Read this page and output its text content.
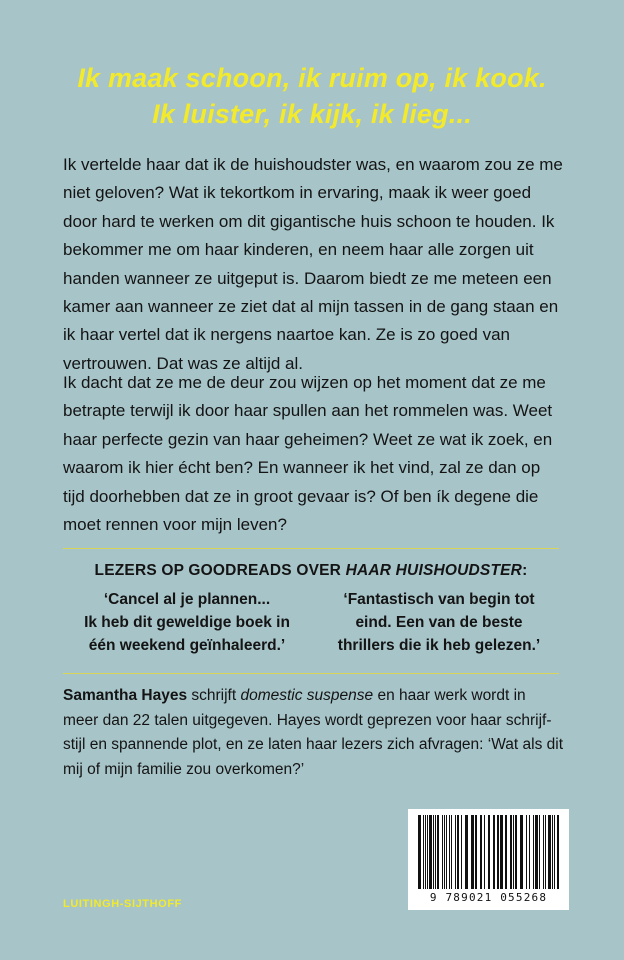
Ik maak schoon, ik ruim op, ik kook.
Ik luister, ik kijk, ik lieg...

Ik vertelde haar dat ik de huishoudster was, en waarom zou ze me niet geloven? Wat ik tekortkom in ervaring, maak ik weer goed door hard te werken om dit gigantische huis schoon te houden. Ik bekommer me om haar kinderen, en neem haar alle zorgen uit handen wanneer ze uitgeput is. Daarom biedt ze me meteen een kamer aan wanneer ze ziet dat al mijn tassen in de gang staan en ik haar vertel dat ik nergens naartoe kan. Ze is zo goed van vertrouwen. Dat was ze altijd al.

Ik dacht dat ze me de deur zou wijzen op het moment dat ze me betrapte terwijl ik door haar spullen aan het rommelen was. Weet haar perfecte gezin van haar geheimen? Weet ze wat ik zoek, en waarom ik hier écht ben? En wanneer ik het vind, zal ze dan op tijd doorhebben dat ze in groot gevaar is? Of ben ík degene die moet rennen voor mijn leven?

LEZERS OP GOODREADS OVER HAAR HUISHOUDSTER:
‘Cancel al je plannen...
Ik heb dit geweldige boek in
één weekend geïnhaleerd.’
‘Fantastisch van begin tot
eind. Een van de beste
thrillers die ik heb gelezen.’
Samantha Hayes schrijft domestic suspense en haar werk wordt in meer dan 22 talen uitgegeven. Hayes wordt geprezen voor haar schrijf-stijl en spannende plot, en ze laten haar lezers zich afvragen: ‘Wat als dit mij of mijn familie zou overkomen?’
9 789021 055268
LUITINGH-SIJTHOFF
